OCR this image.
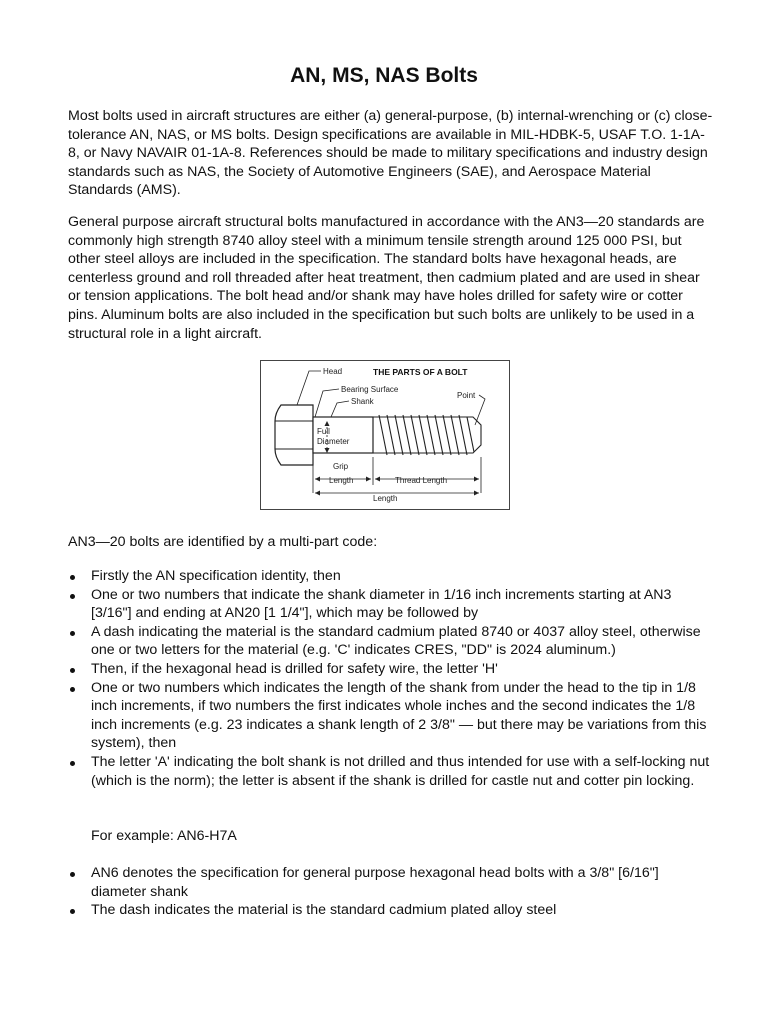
AN, MS, NAS Bolts

Most bolts used in aircraft structures are either (a) general-purpose, (b) internal-wrenching or (c) close-tolerance AN, NAS, or MS bolts. Design specifications are available in MIL-HDBK-5, USAF T.O. 1-1A-8, or Navy NAVAIR 01-1A-8. References should be made to military specifications and industry design standards such as NAS, the Society of Automotive Engineers (SAE), and Aerospace Material Standards (AMS).

General purpose aircraft structural bolts manufactured in accordance with the AN3—20 standards are commonly high strength 8740 alloy steel with a minimum tensile strength around 125 000 PSI, but other steel alloys are included in the specification. The standard bolts have hexagonal heads, are centerless ground and roll threaded after heat treatment, then cadmium plated and are used in shear or tension applications. The bolt head and/or shank may have holes drilled for safety wire or cotter pins. Aluminum bolts are also included in the specification but such bolts are unlikely to be used in a structural role in a light aircraft.

THE PARTS OF A BOLT
Head
Bearing Surface
Shank
Point
Full
Diameter
Grip
Length	Thread Length
Length

AN3—20 bolts are identified by a multi-part code:

Firstly the AN specification identity, then
One or two numbers that indicate the shank diameter in 1/16 inch increments starting at AN3 [3/16"] and ending at AN20 [1 1/4"], which may be followed by
A dash indicating the material is the standard cadmium plated 8740 or 4037 alloy steel, otherwise one or two letters for the material (e.g. 'C' indicates CRES, "DD" is 2024 aluminum.)
Then, if the hexagonal head is drilled for safety wire, the letter 'H'
One or two numbers which indicates the length of the shank from under the head to the tip in 1/8 inch increments, if two numbers the first indicates whole inches and the second indicates the 1/8 inch increments (e.g. 23 indicates a shank length of 2 3/8" — but there may be variations from this system), then
The letter 'A' indicating the bolt shank is not drilled and thus intended for use with a self-locking nut (which is the norm); the letter is absent if the shank is drilled for castle nut and cotter pin locking.

For example: AN6-H7A

AN6 denotes the specification for general purpose hexagonal head bolts with a 3/8" [6/16"] diameter shank
The dash indicates the material is the standard cadmium plated alloy steel
